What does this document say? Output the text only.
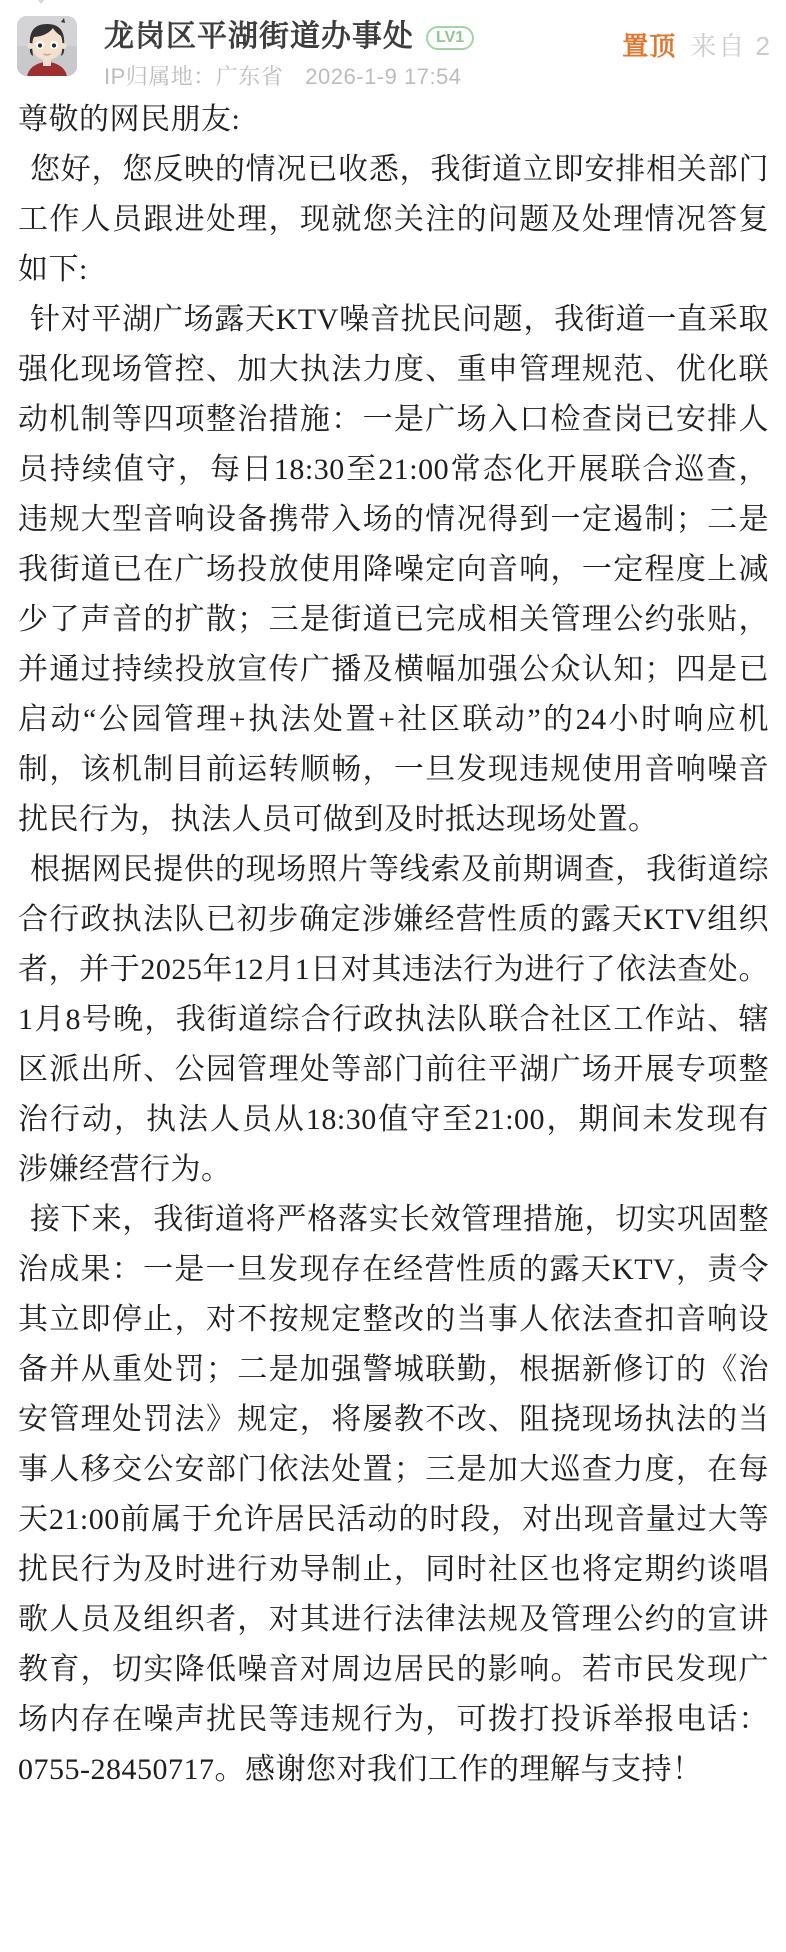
龙岗区平湖街道办事处	LV1
IP归属地：广东省 2026-1-9 17:54
置顶 来自 2

尊敬的网民朋友:

您好，您反映的情况已收悉，我街道立即安排相关部门工作人员跟进处理，现就您关注的问题及处理情况答复如下:

针对平湖广场露天KTV噪音扰民问题，我街道一直采取强化现场管控、加大执法力度、重申管理规范、优化联动机制等四项整治措施：一是广场入口检查岗已安排人员持续值守，每日18:30至21:00常态化开展联合巡查，违规大型音响设备携带入场的情况得到一定遏制；二是我街道已在广场投放使用降噪定向音响，一定程度上减少了声音的扩散；三是街道已完成相关管理公约张贴，并通过持续投放宣传广播及横幅加强公众认知；四是已启动“公园管理+执法处置+社区联动”的24小时响应机制，该机制目前运转顺畅，一旦发现违规使用音响噪音扰民行为，执法人员可做到及时抵达现场处置。

根据网民提供的现场照片等线索及前期调查，我街道综合行政执法队已初步确定涉嫌经营性质的露天KTV组织者，并于2025年12月1日对其违法行为进行了依法查处。1月8号晚，我街道综合行政执法队联合社区工作站、辖区派出所、公园管理处等部门前往平湖广场开展专项整治行动，执法人员从18:30值守至21:00，期间未发现有涉嫌经营行为。

接下来，我街道将严格落实长效管理措施，切实巩固整治成果：一是一旦发现存在经营性质的露天KTV，责令其立即停止，对不按规定整改的当事人依法查扣音响设备并从重处罚；二是加强警城联勤，根据新修订的《治安管理处罚法》规定，将屡教不改、阻挠现场执法的当事人移交公安部门依法处置；三是加大巡查力度，在每天21:00前属于允许居民活动的时段，对出现音量过大等扰民行为及时进行劝导制止，同时社区也将定期约谈唱歌人员及组织者，对其进行法律法规及管理公约的宣讲教育，切实降低噪音对周边居民的影响。若市民发现广场内存在噪声扰民等违规行为，可拨打投诉举报电话：0755-28450717。感谢您对我们工作的理解与支持！
